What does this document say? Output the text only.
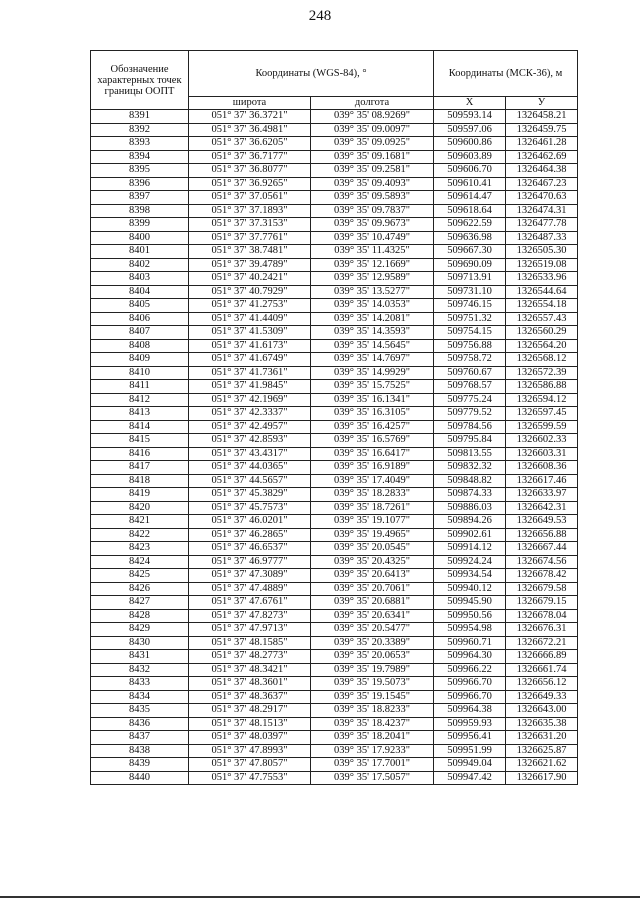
248
Обозначение характерных точек границы ООПТ	Координаты (WGS-84), °		Координаты (МСК-36), м	
	широта	долгота	X	У
8391	051° 37' 36.3721"	039° 35' 08.9269"	509593.14	1326458.21
8392	051° 37' 36.4981"	039° 35' 09.0097"	509597.06	1326459.75
8393	051° 37' 36.6205"	039° 35' 09.0925"	509600.86	1326461.28
8394	051° 37' 36.7177"	039° 35' 09.1681"	509603.89	1326462.69
8395	051° 37' 36.8077"	039° 35' 09.2581"	509606.70	1326464.38
8396	051° 37' 36.9265"	039° 35' 09.4093"	509610.41	1326467.23
8397	051° 37' 37.0561"	039° 35' 09.5893"	509614.47	1326470.63
8398	051° 37' 37.1893"	039° 35' 09.7837"	509618.64	1326474.31
8399	051° 37' 37.3153"	039° 35' 09.9673"	509622.59	1326477.78
8400	051° 37' 37.7761"	039° 35' 10.4749"	509636.98	1326487.33
8401	051° 37' 38.7481"	039° 35' 11.4325"	509667.30	1326505.30
8402	051° 37' 39.4789"	039° 35' 12.1669"	509690.09	1326519.08
8403	051° 37' 40.2421"	039° 35' 12.9589"	509713.91	1326533.96
8404	051° 37' 40.7929"	039° 35' 13.5277"	509731.10	1326544.64
8405	051° 37' 41.2753"	039° 35' 14.0353"	509746.15	1326554.18
8406	051° 37' 41.4409"	039° 35' 14.2081"	509751.32	1326557.43
8407	051° 37' 41.5309"	039° 35' 14.3593"	509754.15	1326560.29
8408	051° 37' 41.6173"	039° 35' 14.5645"	509756.88	1326564.20
8409	051° 37' 41.6749"	039° 35' 14.7697"	509758.72	1326568.12
8410	051° 37' 41.7361"	039° 35' 14.9929"	509760.67	1326572.39
8411	051° 37' 41.9845"	039° 35' 15.7525"	509768.57	1326586.88
8412	051° 37' 42.1969"	039° 35' 16.1341"	509775.24	1326594.12
8413	051° 37' 42.3337"	039° 35' 16.3105"	509779.52	1326597.45
8414	051° 37' 42.4957"	039° 35' 16.4257"	509784.56	1326599.59
8415	051° 37' 42.8593"	039° 35' 16.5769"	509795.84	1326602.33
8416	051° 37' 43.4317"	039° 35' 16.6417"	509813.55	1326603.31
8417	051° 37' 44.0365"	039° 35' 16.9189"	509832.32	1326608.36
8418	051° 37' 44.5657"	039° 35' 17.4049"	509848.82	1326617.46
8419	051° 37' 45.3829"	039° 35' 18.2833"	509874.33	1326633.97
8420	051° 37' 45.7573"	039° 35' 18.7261"	509886.03	1326642.31
8421	051° 37' 46.0201"	039° 35' 19.1077"	509894.26	1326649.53
8422	051° 37' 46.2865"	039° 35' 19.4965"	509902.61	1326656.88
8423	051° 37' 46.6537"	039° 35' 20.0545"	509914.12	1326667.44
8424	051° 37' 46.9777"	039° 35' 20.4325"	509924.24	1326674.56
8425	051° 37' 47.3089"	039° 35' 20.6413"	509934.54	1326678.42
8426	051° 37' 47.4889"	039° 35' 20.7061"	509940.12	1326679.58
8427	051° 37' 47.6761"	039° 35' 20.6881"	509945.90	1326679.15
8428	051° 37' 47.8273"	039° 35' 20.6341"	509950.56	1326678.04
8429	051° 37' 47.9713"	039° 35' 20.5477"	509954.98	1326676.31
8430	051° 37' 48.1585"	039° 35' 20.3389"	509960.71	1326672.21
8431	051° 37' 48.2773"	039° 35' 20.0653"	509964.30	1326666.89
8432	051° 37' 48.3421"	039° 35' 19.7989"	509966.22	1326661.74
8433	051° 37' 48.3601"	039° 35' 19.5073"	509966.70	1326656.12
8434	051° 37' 48.3637"	039° 35' 19.1545"	509966.70	1326649.33
8435	051° 37' 48.2917"	039° 35' 18.8233"	509964.38	1326643.00
8436	051° 37' 48.1513"	039° 35' 18.4237"	509959.93	1326635.38
8437	051° 37' 48.0397"	039° 35' 18.2041"	509956.41	1326631.20
8438	051° 37' 47.8993"	039° 35' 17.9233"	509951.99	1326625.87
8439	051° 37' 47.8057"	039° 35' 17.7001"	509949.04	1326621.62
8440	051° 37' 47.7553"	039° 35' 17.5057"	509947.42	1326617.90
